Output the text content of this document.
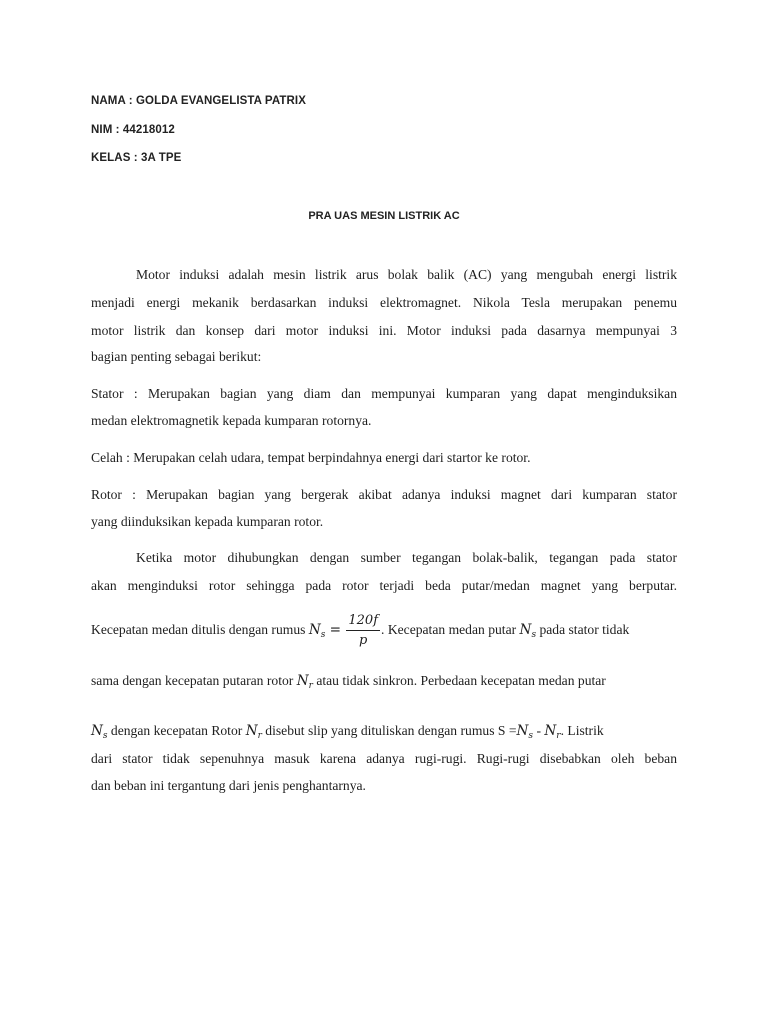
NAMA : GOLDA EVANGELISTA PATRIX
NIM : 44218012
KELAS : 3A TPE
PRA UAS MESIN LISTRIK AC
Motor induksi adalah mesin listrik arus bolak balik (AC) yang mengubah energi listrik
menjadi energi mekanik berdasarkan induksi elektromagnet. Nikola Tesla merupakan penemu
motor listrik dan konsep dari motor induksi ini. Motor induksi pada dasarnya mempunyai 3
bagian penting sebagai berikut:
Stator : Merupakan bagian yang diam dan mempunyai kumparan yang dapat menginduksikan
medan elektromagnetik kepada kumparan rotornya.
Celah : Merupakan celah udara, tempat berpindahnya energi dari startor ke rotor.
Rotor : Merupakan bagian yang bergerak akibat adanya induksi magnet dari kumparan stator
yang diinduksikan kepada kumparan rotor.
Ketika motor dihubungkan dengan sumber tegangan bolak-balik, tegangan pada stator
akan menginduksi rotor sehingga pada rotor terjadi beda putar/medan magnet yang berputar.
Kecepatan medan ditulis dengan rumus $N_s = \frac{120f}{p}$ . Kecepatan medan putar $N_s$ pada stator tidak
sama dengan kecepatan putaran rotor $N_r$ atau tidak sinkron. Perbedaan kecepatan medan putar
$N_s$ dengan kecepatan Rotor $N_r$ disebut slip yang dituliskan dengan rumus $S =N_s - N_r$. Listrik
dari stator tidak sepenuhnya masuk karena adanya rugi-rugi. Rugi-rugi disebabkan oleh beban
dan beban ini tergantung dari jenis penghantarnya.
